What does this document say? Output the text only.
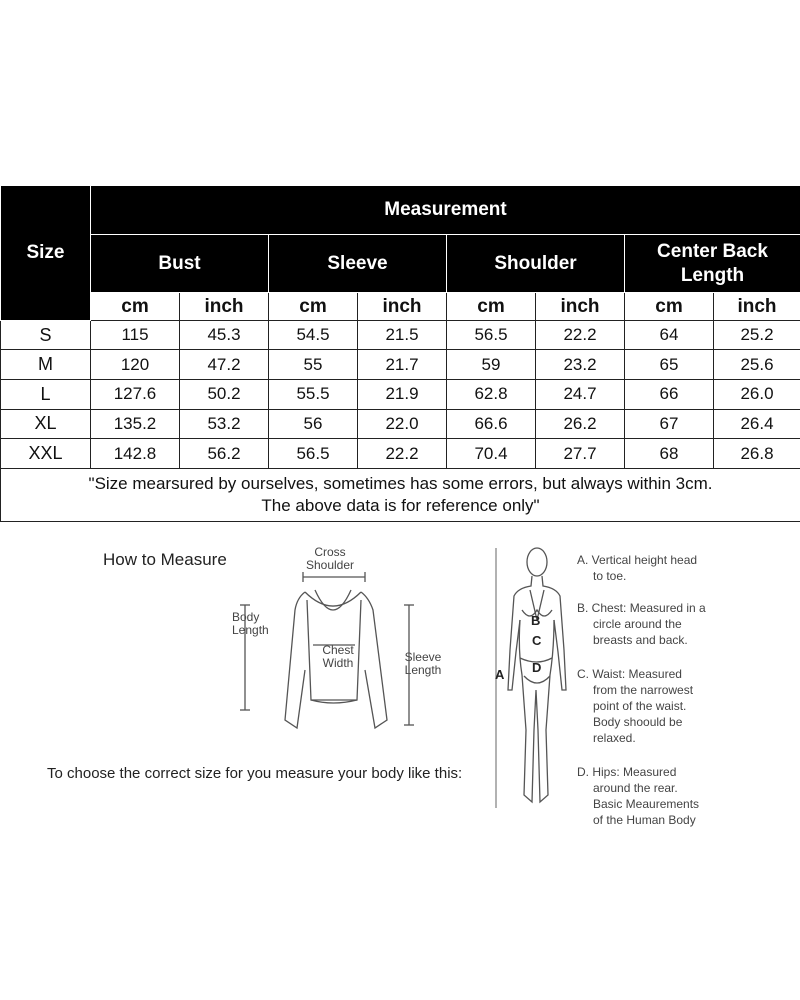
Size	Measurement							
	Bust		Sleeve		Shoulder		Center Back Length	
	cm	inch	cm	inch	cm	inch	cm	inch
S	115	45.3	54.5	21.5	56.5	22.2	64	25.2
M	120	47.2	55	21.7	59	23.2	65	25.6
L	127.6	50.2	55.5	21.9	62.8	24.7	66	26.0
XL	135.2	53.2	56	22.0	66.6	26.2	67	26.4
XXL	142.8	56.2	56.5	22.2	70.4	27.7	68	26.8

"Size mearsured by ourselves, sometimes has some errors, but always within 3cm.
The above data is for reference only"								
How to Measure	Cross
Shoulder
Body
Length
Chest
Width	Sleeve
Length
To choose the correct size for you measure your body like this:
A
B
C
D
A. Vertical height head
to toe.
B. Chest: Measured in a
circle around the
breasts and back.
C. Waist: Measured
from the narrowest
point of the waist.
Body shoould be
relaxed.
D. Hips: Measured
around the rear.
Basic Meaurements
of the Human Body
